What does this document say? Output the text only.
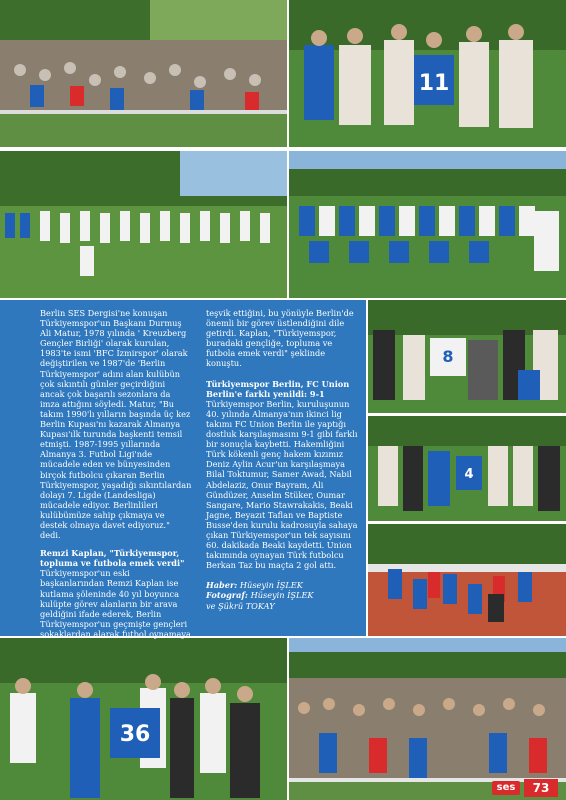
11
8
4
36

Berlin SES Dergisi'ne konuşan Türkiyemspor'un Başkanı Durmuş Ali Matur, 1978 yılında ' Kreuzberg Gençler Birliği' olarak kurulan, 1983'te ismi 'BFC İzmirspor' olarak değiştirilen ve 1987'de 'Berlin Türkiyemspor' adını alan kulübün çok sıkıntılı günler geçirdiğini ancak çok başarılı sezonlara da imza attığını söyledi. Matur, "Bu takım 1990'lı yılların başında üç kez Berlin Kupası'nı kazarak Almanya Kupası'ılk turunda başkenti temsil etmişti. 1987-1995 yıllarında Almanya 3. Futbol Ligi'nde mücadele eden ve bünyesinden birçok futbolcu çıkaran Berlin Türkiyemspor, yaşadığı sıkıntılardan dolayı 7. Ligde (Landesliga) mücadele ediyor. Berlinlileri kulübümüze sahip çıkmaya ve destek olmaya davet ediyoruz." dedi.

Remzi Kaplan, "Türkiyemspor, topluma ve futbola emek verdi"

Türkiyemspor'un eski başkanlarından Remzi Kaplan ise kutlama şöleninde 40 yıl boyunca kulüpte görev alanların bir arava geldiğini ifade ederek, Berlin Türkiyemspor'un geçmişte gençleri sokaklardan alarak futbol oynamaya

teşvik ettiğini, bu yönüyle Berlin'de önemli bir görev üstlendiğini dile getirdi. Kaplan, "Türkiyemspor, buradaki gençliğe, topluma ve futbola emek verdi" şeklinde konuştu.

Türkiyemspor Berlin, FC Union Berlin'e farklı yenildi: 9-1

Türkiyemspor Berlin, kuruluşunun 40. yılında Almanya'nın ikinci lig takımı FC Union Berlin ile yaptığı dostluk karşılaşmasını 9-1 gibi farklı bir sonuçla kaybetti. Hakemliğini Türk kökenli genç hakem kızımız Deniz Aylin Acur'un karşılaşmaya Bilal Toktumur, Samer Awad, Nabil Abdelaziz, Onur Bayram, Ali Gündüzer, Anselm Stüker, Oumar Sangare, Mario Stawrakakis, Beaki Jagne, Beyazıt Taflan ve Baptiste Busse'den kurulu kadrosuyla sahaya çıkan Türkiyemspor'un tek sayısını 60. dakikada Beaki kaydetti. Union takımında oynayan Türk futbolcu Berkan Taz bu maçta 2 gol attı.

Haber: Hüseyin İŞLEK

Fotograf: Hüseyin İŞLEK

ve Şükrü TOKAY

ses	73
